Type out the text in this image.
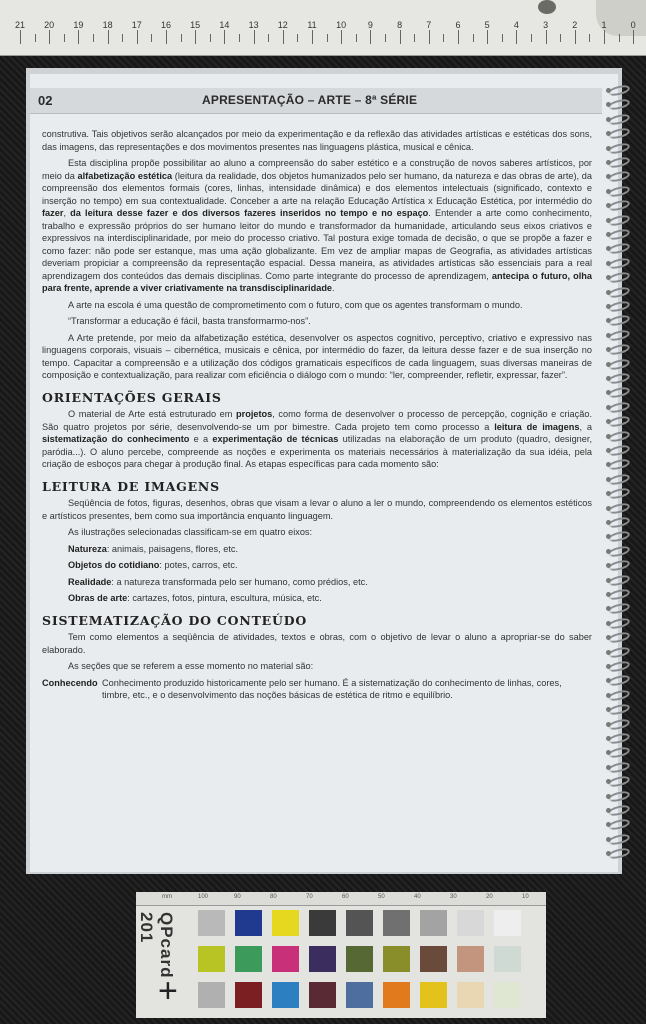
21 20 19 18 17 16 15 14 13 12 11 10 9	8	7	6	5	4	3	2	1	0
02	APRESENTAÇÃO – ARTE – 8ª SÉRIE

construtiva. Tais objetivos serão alcançados por meio da experimentação e da reflexão das atividades artísticas e estéticas dos sons, das imagens, das representações e dos movimentos presentes nas linguagens plástica, musical e cênica.

Esta disciplina propõe possibilitar ao aluno a compreensão do saber estético e a construção de novos saberes artísticos, por meio da alfabetização estética (leitura da realidade, dos objetos humanizados pelo ser humano, da natureza e das obras de arte), da compreensão dos elementos formais (cores, linhas, intensidade dinâmica) e dos elementos intelectuais (significado, contexto e inserção no tempo) em sua contextualidade. Conceber a arte na relação Educação Artística x Educação Estética, por intermédio do fazer, da leitura desse fazer e dos diversos fazeres inseridos no tempo e no espaço. Entender a arte como conhecimento, trabalho e expressão próprios do ser humano leitor do mundo e transformador da humanidade, articulando seus eixos criativos e expressivos na interdisciplinaridade, por meio do processo criativo. Tal postura exige tomada de decisão, o que se propõe a fazer e como fazer: não pode ser estanque, mas uma ação globalizante. Em vez de ampliar mapas de Geografia, as atividades artísticas deveriam propiciar a compreensão da representação espacial. Dessa maneira, as atividades artísticas são essenciais para a real aprendizagem dos conteúdos das demais disciplinas. Como parte integrante do processo de aprendizagem, antecipa o futuro, olha para frente, aprende a viver criativamente na transdisciplinaridade.

A arte na escola é uma questão de comprometimento com o futuro, com que os agentes transformam o mundo.

“Transformar a educação é fácil, basta transformarmo-nos”.

A Arte pretende, por meio da alfabetização estética, desenvolver os aspectos cognitivo, perceptivo, criativo e expressivo nas linguagens corporais, visuais – cibernética, musicais e cênica, por intermédio do fazer, da leitura desse fazer e de sua inserção no tempo. Capacitar a compreensão e a utilização dos códigos gramaticais específicos de cada linguagem, suas diversas maneiras de composição e contextualização, para realizar com eficiência o diálogo com o mundo: “ler, compreender, refletir, expressar, fazer”.

ORIENTAÇÕES GERAIS

O material de Arte está estruturado em projetos, como forma de desenvolver o processo de percepção, cognição e criação. São quatro projetos por série, desenvolvendo-se um por bimestre. Cada projeto tem como processo a leitura de imagens, a sistematização do conhecimento e a experimentação de técnicas utilizadas na elaboração de um produto (quadro, designer, paródia...). O aluno percebe, compreende as noções e experimenta os materiais necessários à materialização da sua idéia, pela criação de esboços para chegar à produção final. As etapas específicas para cada momento são:

LEITURA DE IMAGENS

Seqüência de fotos, figuras, desenhos, obras que visam a levar o aluno a ler o mundo, compreendendo os elementos estéticos e artísticos presentes, bem como sua importância enquanto linguagem.

As ilustrações selecionadas classificam-se em quatro eixos:

Natureza: animais, paisagens, flores, etc.

Objetos do cotidiano: potes, carros, etc.

Realidade: a natureza transformada pelo ser humano, como prédios, etc.

Obras de arte: cartazes, fotos, pintura, escultura, música, etc.

SISTEMATIZAÇÃO DO CONTEÚDO

Tem como elementos a seqüência de atividades, textos e obras, com o objetivo de levar o aluno a apropriar-se do saber elaborado.

As seções que se referem a esse momento no material são:

Conhecendo Conhecimento produzido historicamente pelo ser humano. É a sistematização do conhecimento de linhas, cores, timbre, etc., e o desenvolvimento das noções básicas de estética de ritmo e equilíbrio.
mm	100	90	80	70	60	50	40	30	20	10
QPcard 201
+
